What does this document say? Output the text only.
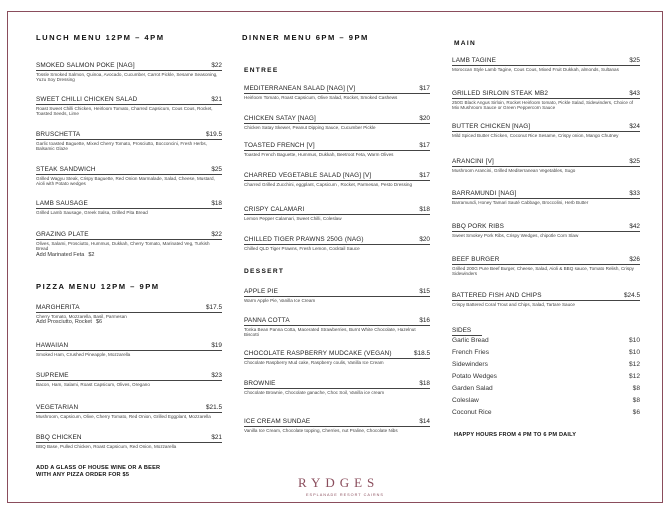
LUNCH MENU 12PM – 4PM
SMOKED SALMON POKE [NAG]	$22
Tossle Smoked Salmon, Quinoa, Avocado, Cucumber, Carrot Pickle, Sesame Seasoning, Yuzu Soy Dressing
SWEET CHILLI CHICKEN SALAD	$21
Roast Sweet Chilli Chicken, Heirloom Tomato, Charred Capsicum, Cous Cous, Rocket, Toasted Seeds, Lime
BRUSCHETTA	$19.5
Garlic toasted Baguette, Mixed Cherry Tomato, Prosciutto, Bocconcini, Fresh Herbs, Balsamic Glaze
STEAK SANDWICH	$25
Grilled Wagyu Steak, Crispy Baguette, Red Onion Marmalade, Salad, Cheese, Mustard, Aioli with Potato wedges
LAMB SAUSAGE	$18
Grilled Lamb Sausage, Greek Salsa, Grilled Pita Bread
GRAZING PLATE	$22
Olives, Salami, Prosciutto, Hummus, Dukkah, Cherry Tomato, Marinated Veg, Turkish Bread
Add Marinated Feta $2
PIZZA MENU 12PM – 9PM
MARGHERITA	$17.5
Cherry Tomato, Mozzarella, Basil, Parmesan
Add Prosciutto, Rocket $6
HAWAIIAN	$19
Smoked Ham, Crushed Pineapple, Mozzarella
SUPREME	$23
Bacon, Ham, Salami, Roast Capsicum, Olives, Oregano
VEGETARIAN	$21.5
Mushroom, Capsicum, Olive, Cherry Tomato, Red Onion, Grilled Eggplant, Mozzarella
BBQ CHICKEN	$21
BBQ Base, Pulled Chicken, Roast Capsicum, Red Onion, Mozzarella
ADD A GLASS OF HOUSE WINE OR A BEER
WITH ANY PIZZA ORDER FOR $5
DINNER MENU 6PM – 9PM
ENTREE
MEDITERRANEAN SALAD [NAG] [V]	$17
Heirloom Tomato, Roast Capsicum, Olive Salad, Rocket, Smoked Cashews
CHICKEN SATAY [NAG]	$20
Chicken Satay Skewer, Peanut Dipping Sauce, Cucumber Pickle
TOASTED FRENCH [V]	$17
Toasted French Baguette, Hummus, Dukkah, Beetroot Feta, Warm Olives
CHARRED VEGETABLE SALAD [NAG] [V]	$17
Charred Grilled Zucchini, eggplant, Capsicum , Rocket, Parmesan, Pesto Dressing
CRISPY CALAMARI	$18
Lemon Pepper Calamari, Sweet Chilli, Coleslaw
CHILLED TIGER PRAWNS 250G (NAG)	$20
Chilled QLD Tiger Prawns, Fresh Lemon, Cocktail Sauce
DESSERT
APPLE PIE	$15
Warm Apple Pie, Vanilla Ice Cream
PANNA COTTA	$16
Tonka Bean Panna Cotta, Macerated Strawberries, Burnt White Chocolate, Hazelnut Biscotti
CHOCOLATE RASPBERRY MUDCAKE (VEGAN)	$18.5
Chocolate Raspberry Mud cake, Raspberry coulis, Vanilla Ice Cream
BROWNIE	$18
Chocolate Brownie, Chocolate ganache, Choc Soil, Vanilla ice cream
ICE CREAM SUNDAE	$14
Vanilla Ice Cream, Chocolate topping, Cherries, nut Praline, Chocolate Nibs
MAIN
LAMB TAGINE	$25
Moroccan Style Lamb Tagine, Cous Cous, Mixed Fruit Dukkah, almonds, Sultanas
GRILLED SIRLOIN STEAK MB2	$43
250G Black Angus Sirloin, Rocket Heirloom tomato, Pickle Salad, Sidewinders, Choice of Mix Mushroom Sauce or Green Peppercorn Sauce
BUTTER CHICKEN [NAG]	$24
Mild Spiced Butter Chicken, Coconut Rice Sesame, Crispy onion, Mango Chutney
ARANCINI [V]	$25
Mushroom Arancini, Grilled Mediterranean Vegetables, Sugo
BARRAMUNDI [NAG]	$33
Barramundi, Honey Tamari Sauté Cabbage, Broccolini, Herb Butter
BBQ PORK RIBS	$42
Sweet Smokey Pork Ribs, Crispy Wedges, chipotle Corn Slaw
BEEF BURGER	$26
Grilled 200G Pure Beef Burger, Cheese, Salad, Aioli & BBQ sauce, Tomato Relish, Crispy Sidewinders
BATTERED FISH AND CHIPS	$24.5
Crispy Battered Coral Trout and Chips, Salad, Tartare Sauce
SIDES
Garlic Bread	$10
French Fries	$10
Sidewinders	$12
Potato Wedges	$12
Garden Salad	$8
Coleslaw	$8
Coconut Rice	$6
HAPPY HOURS FROM 4 PM TO 6 PM DAILY
RYDGES
ESPLANADE RESORT CAIRNS
